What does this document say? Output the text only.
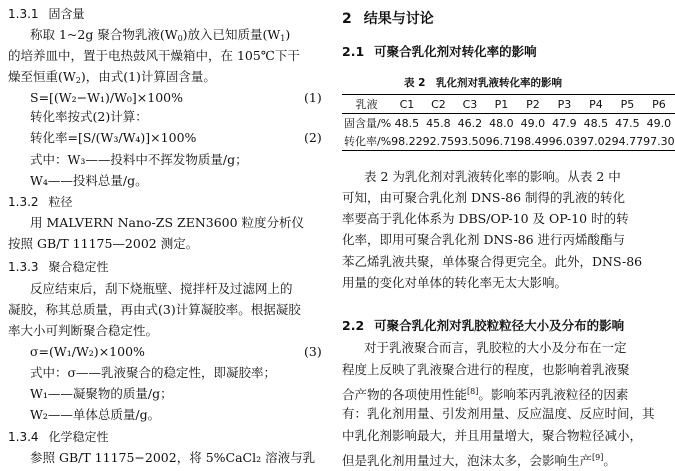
1.3.1 固含量
称取 1~2g 聚合物乳液$(W_0)$放入已知质量$(W_1)$
的培养皿中，置于电热鼓风干燥箱中，在 105℃下干
燥至恒重$(W_2)$，由式(1)计算固含量。
S=[(W₂−W₁)/W₀]×100%	(1)
转化率按式(2)计算：
转化率=[S/(W₃/W₄)]×100%	(2)
式中：W₃——投料中不挥发物质量/g；
W₄——投料总量/g。
1.3.2 粒径
用 MALVERN Nano-ZS ZEN3600 粒度分析仪
按照 GB/T 11175—2002 测定。
1.3.3 聚合稳定性
反应结束后，刮下烧瓶壁、搅拌杆及过滤网上的
凝胶，称其总质量，再由式(3)计算凝胶率。根据凝胶
率大小可判断聚合稳定性。
σ=(W₁/W₂)×100%	(3)
式中：σ——乳液聚合的稳定性，即凝胶率；
W₁——凝聚物的质量/g；
W₂——单体总质量/g。
1.3.4 化学稳定性
参照 GB/T 11175−2002，将 5%CaCl₂ 溶液与乳
2 结果与讨论
2.1 可聚合乳化剂对转化率的影响
表 2　乳化剂对乳液转化率的影响
乳液	C1	C2	C3	P1	P2	P3	P4	P5	P6
固含量/%	48.5	45.8	46.2	48.0	49.0	47.9	48.5	47.5	49.0
转化率/%	98.22	92.75	93.50	96.71	98.49	96.03	97.02	94.77	97.30
表 2 为乳化剂对乳液转化率的影响。从表 2 中
可知，由可聚合乳化剂 DNS-86 制得的乳液的转化
率要高于乳化体系为 DBS/OP-10 及 OP-10 时的转
化率，即用可聚合乳化剂 DNS-86 进行丙烯酸酯与
苯乙烯乳液共聚，单体聚合得更完全。此外，DNS-86
用量的变化对单体的转化率无太大影响。
2.2 可聚合乳化剂对乳胶粒粒径大小及分布的影响
对于乳液聚合而言，乳胶粒的大小及分布在一定
程度上反映了乳液聚合进行的程度，也影响着乳液聚
合产物的各项使用性能[8]。影响苯丙乳液粒径的因素
有：乳化剂用量、引发剂用量、反应温度、反应时间，其
中乳化剂影响最大，并且用量增大，聚合物粒径减小，
但是乳化剂用量过大，泡沫太多，会影响生产[9]。
